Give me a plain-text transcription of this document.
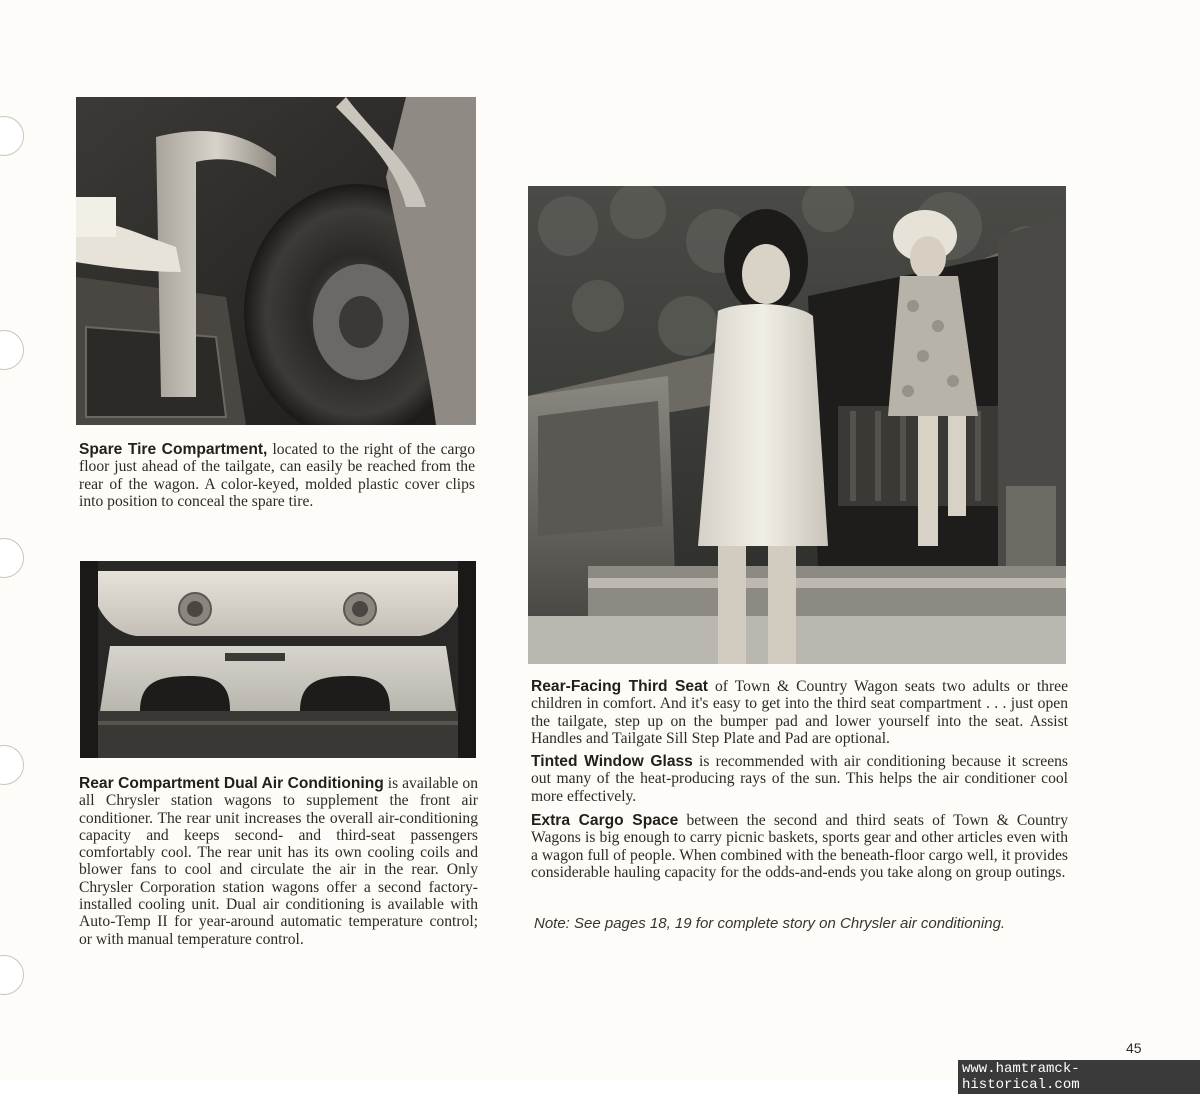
Spare Tire Compartment, located to the right of the cargo floor just ahead of the tailgate, can easily be reached from the rear of the wagon. A color-keyed, molded plastic cover clips into position to conceal the spare tire.

Rear Compartment Dual Air Conditioning is available on all Chrysler station wagons to supplement the front air conditioner. The rear unit increases the overall air-conditioning capacity and keeps second- and third-seat passengers comfortably cool. The rear unit has its own cooling coils and blower fans to cool and circulate the air in the rear. Only Chrysler Corporation station wagons offer a second factory-installed cooling unit. Dual air conditioning is available with Auto-Temp II for year-around automatic temperature control; or with manual temperature control.

Rear-Facing Third Seat of Town & Country Wagon seats two adults or three children in comfort. And it's easy to get into the third seat compartment . . . just open the tailgate, step up on the bumper pad and lower yourself into the seat. Assist Handles and Tailgate Sill Step Plate and Pad are optional.

Tinted Window Glass is recommended with air conditioning because it screens out many of the heat-producing rays of the sun. This helps the air conditioner cool more effectively.

Extra Cargo Space between the second and third seats of Town & Country Wagons is big enough to carry picnic baskets, sports gear and other articles even with a wagon full of people. When combined with the beneath-floor cargo well, it provides considerable hauling capacity for the odds-and-ends you take along on group outings.

Note: See pages 18, 19 for complete story on Chrysler air conditioning.

45

www.hamtramck-historical.com
